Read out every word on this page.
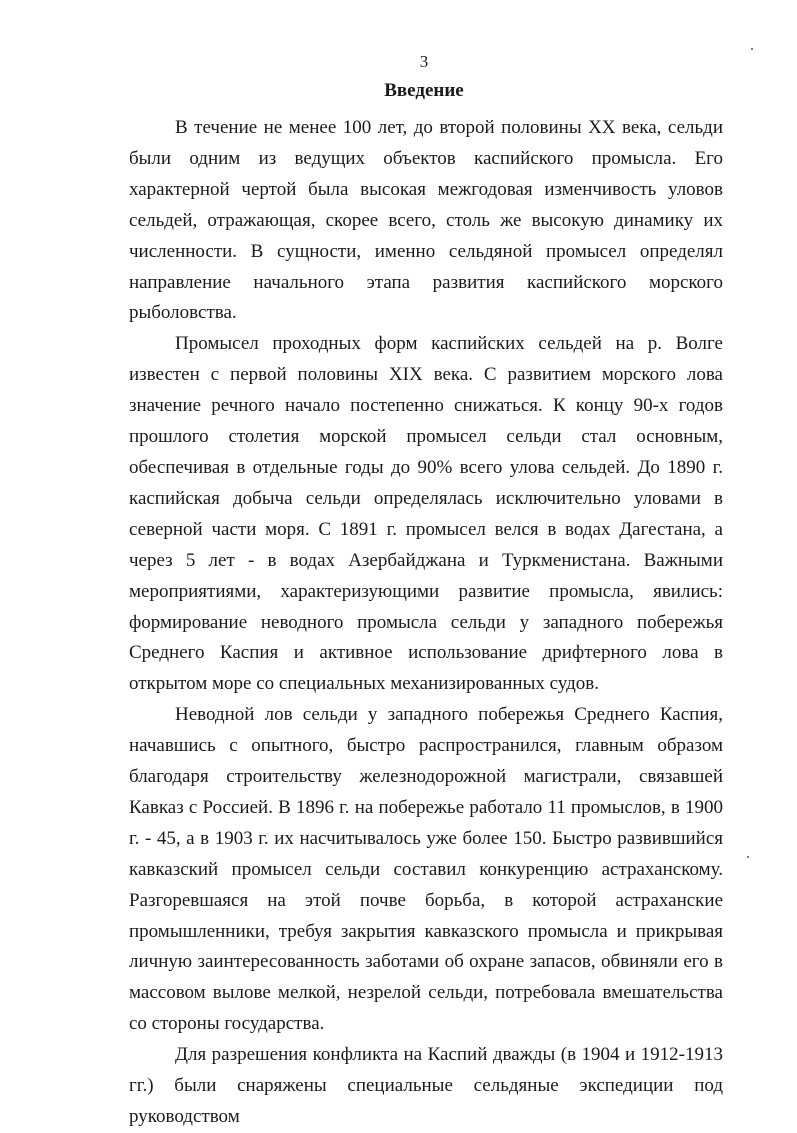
3
Введение

В течение не менее 100 лет, до второй половины XX века, сельди были одним из ведущих объектов каспийского промысла. Его характерной чертой была высокая межгодовая изменчивость уловов сельдей, отражающая, скорее всего, столь же высокую динамику их численности. В сущности, именно сельдяной промысел определял направление начального этапа развития каспийского морского рыболовства.

Промысел проходных форм каспийских сельдей на р. Волге известен с первой половины XIX века. С развитием морского лова значение речного начало постепенно снижаться. К концу 90-х годов прошлого столетия морской промысел сельди стал основным, обеспечивая в отдельные годы до 90% всего улова сельдей. До 1890 г. каспийская добыча сельди определялась исключительно уловами в северной части моря. С 1891 г. промысел велся в водах Дагестана, а через 5 лет - в водах Азербайджана и Туркменистана. Важными мероприятиями, характеризующими развитие промысла, явились: формирование неводного промысла сельди у западного побережья Среднего Каспия и активное использование дрифтерного лова в открытом море со специальных механизированных судов.

Неводной лов сельди у западного побережья Среднего Каспия, начавшись с опытного, быстро распространился, главным образом благодаря строительству железнодорожной магистрали, связавшей Кавказ с Россией. В 1896 г. на побережье работало 11 промыслов, в 1900 г. - 45, а в 1903 г. их насчитывалось уже более 150. Быстро развившийся кавказский промысел сельди составил конкуренцию астраханскому. Разгоревшаяся на этой почве борьба, в которой астраханские промышленники, требуя закрытия кавказского промысла и прикрывая личную заинтересованность заботами об охране запасов, обвиняли его в массовом вылове мелкой, незрелой сельди, потребовала вмешательства со стороны государства.

Для разрешения конфликта на Каспий дважды (в 1904 и 1912-1913 гг.) были снаряжены специальные сельдяные экспедиции под руководством
